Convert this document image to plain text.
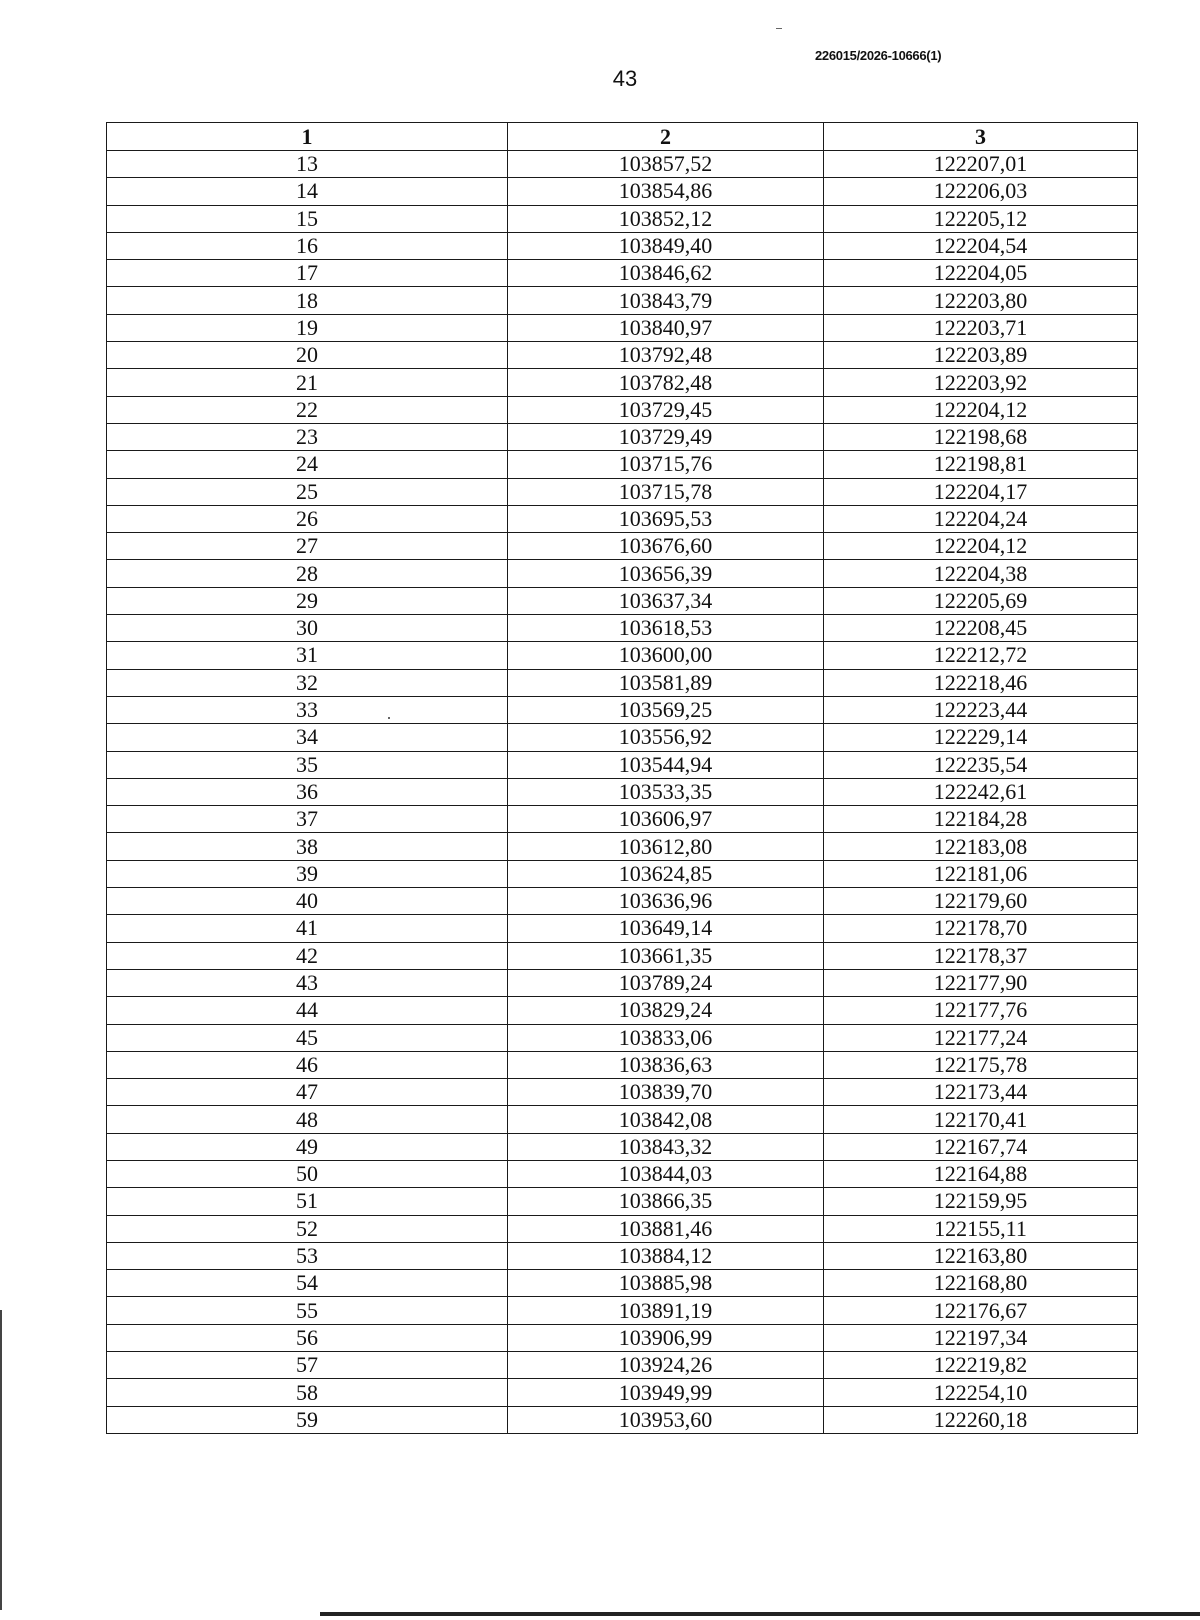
226015/2026-10666(1)
43
1	2	3
13	103857,52	122207,01
14	103854,86	122206,03
15	103852,12	122205,12
16	103849,40	122204,54
17	103846,62	122204,05
18	103843,79	122203,80
19	103840,97	122203,71
20	103792,48	122203,89
21	103782,48	122203,92
22	103729,45	122204,12
23	103729,49	122198,68
24	103715,76	122198,81
25	103715,78	122204,17
26	103695,53	122204,24
27	103676,60	122204,12
28	103656,39	122204,38
29	103637,34	122205,69
30	103618,53	122208,45
31	103600,00	122212,72
32	103581,89	122218,46
33	103569,25	122223,44
34	103556,92	122229,14
35	103544,94	122235,54
36	103533,35	122242,61
37	103606,97	122184,28
38	103612,80	122183,08
39	103624,85	122181,06
40	103636,96	122179,60
41	103649,14	122178,70
42	103661,35	122178,37
43	103789,24	122177,90
44	103829,24	122177,76
45	103833,06	122177,24
46	103836,63	122175,78
47	103839,70	122173,44
48	103842,08	122170,41
49	103843,32	122167,74
50	103844,03	122164,88
51	103866,35	122159,95
52	103881,46	122155,11
53	103884,12	122163,80
54	103885,98	122168,80
55	103891,19	122176,67
56	103906,99	122197,34
57	103924,26	122219,82
58	103949,99	122254,10
59	103953,60	122260,18
